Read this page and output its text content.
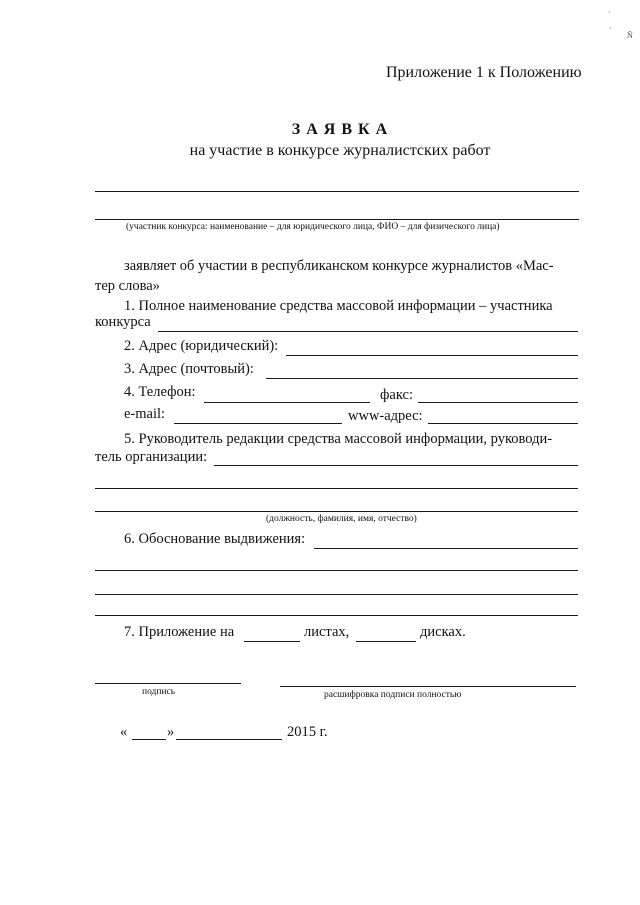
`
·
Ñ
Приложение 1 к Положению
З А Я В К А
на участие в конкурсе журналистских работ
(участник конкурса: наименование – для юридического лица, ФИО – для физического лица)
заявляет об участии в республиканском конкурсе журналистов «Мас-
тер слова»
1. Полное наименование средства массовой информации – участника
конкурса
2. Адрес (юридический):
3. Адрес (почтовый):
4. Телефон:	факс:
e-mail:	www-адрес:
5. Руководитель редакции средства массовой информации, руководи-
тель организации:
(должность, фамилия, имя, отчество)
6. Обоснование выдвижения:
7. Приложение на	листах,	дисках.
подпись	расшифровка подписи полностью
«	»	2015 г.
